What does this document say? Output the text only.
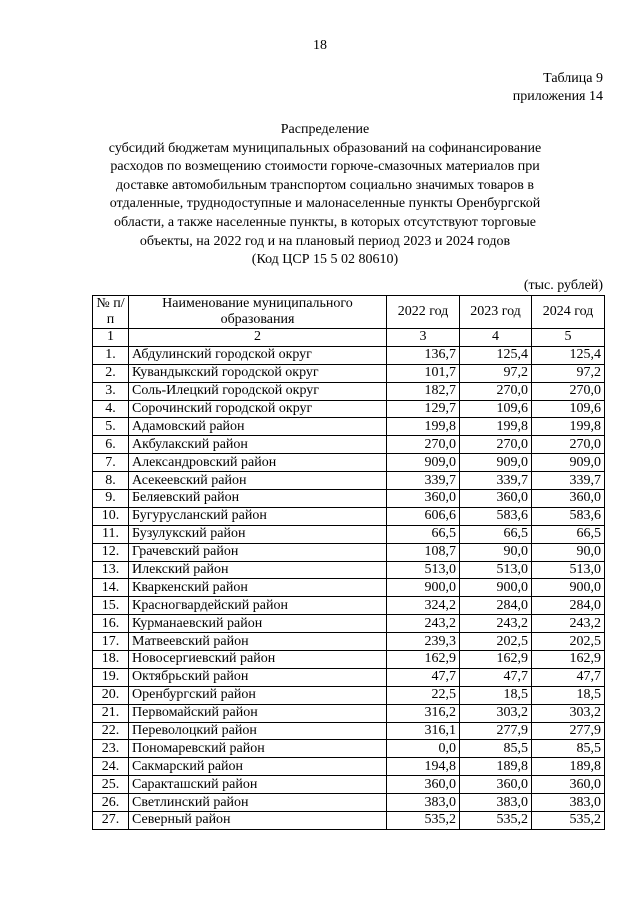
18
Таблица 9
приложения 14
Распределение
субсидий бюджетам муниципальных образований на софинансирование расходов по возмещению стоимости горюче-смазочных материалов при доставке автомобильным транспортом социально значимых товаров в отдаленные, труднодоступные и малонаселенные пункты Оренбургской области, а также населенные пункты, в которых отсутствуют торговые объекты, на 2022 год и на плановый период 2023 и 2024 годов
(Код ЦСР 15 5 02 80610)
(тыс. рублей)
№ п/п	Наименование муниципального образования	2022 год	2023 год	2024 год
1	2	3	4	5
1.	Абдулинский городской округ	136,7	125,4	125,4
2.	Кувандыкский городской округ	101,7	97,2	97,2
3.	Соль-Илецкий городской округ	182,7	270,0	270,0
4.	Сорочинский городской округ	129,7	109,6	109,6
5.	Адамовский район	199,8	199,8	199,8
6.	Акбулакский район	270,0	270,0	270,0
7.	Александровский район	909,0	909,0	909,0
8.	Асекеевский район	339,7	339,7	339,7
9.	Беляевский район	360,0	360,0	360,0
10.	Бугурусланский район	606,6	583,6	583,6
11.	Бузулукский район	66,5	66,5	66,5
12.	Грачевский район	108,7	90,0	90,0
13.	Илекский район	513,0	513,0	513,0
14.	Кваркенский район	900,0	900,0	900,0
15.	Красногвардейский район	324,2	284,0	284,0
16.	Курманаевский район	243,2	243,2	243,2
17.	Матвеевский район	239,3	202,5	202,5
18.	Новосергиевский район	162,9	162,9	162,9
19.	Октябрьский район	47,7	47,7	47,7
20.	Оренбургский район	22,5	18,5	18,5
21.	Первомайский район	316,2	303,2	303,2
22.	Переволоцкий район	316,1	277,9	277,9
23.	Пономаревский район	0,0	85,5	85,5
24.	Сакмарский район	194,8	189,8	189,8
25.	Саракташский район	360,0	360,0	360,0
26.	Светлинский район	383,0	383,0	383,0
27.	Северный район	535,2	535,2	535,2
